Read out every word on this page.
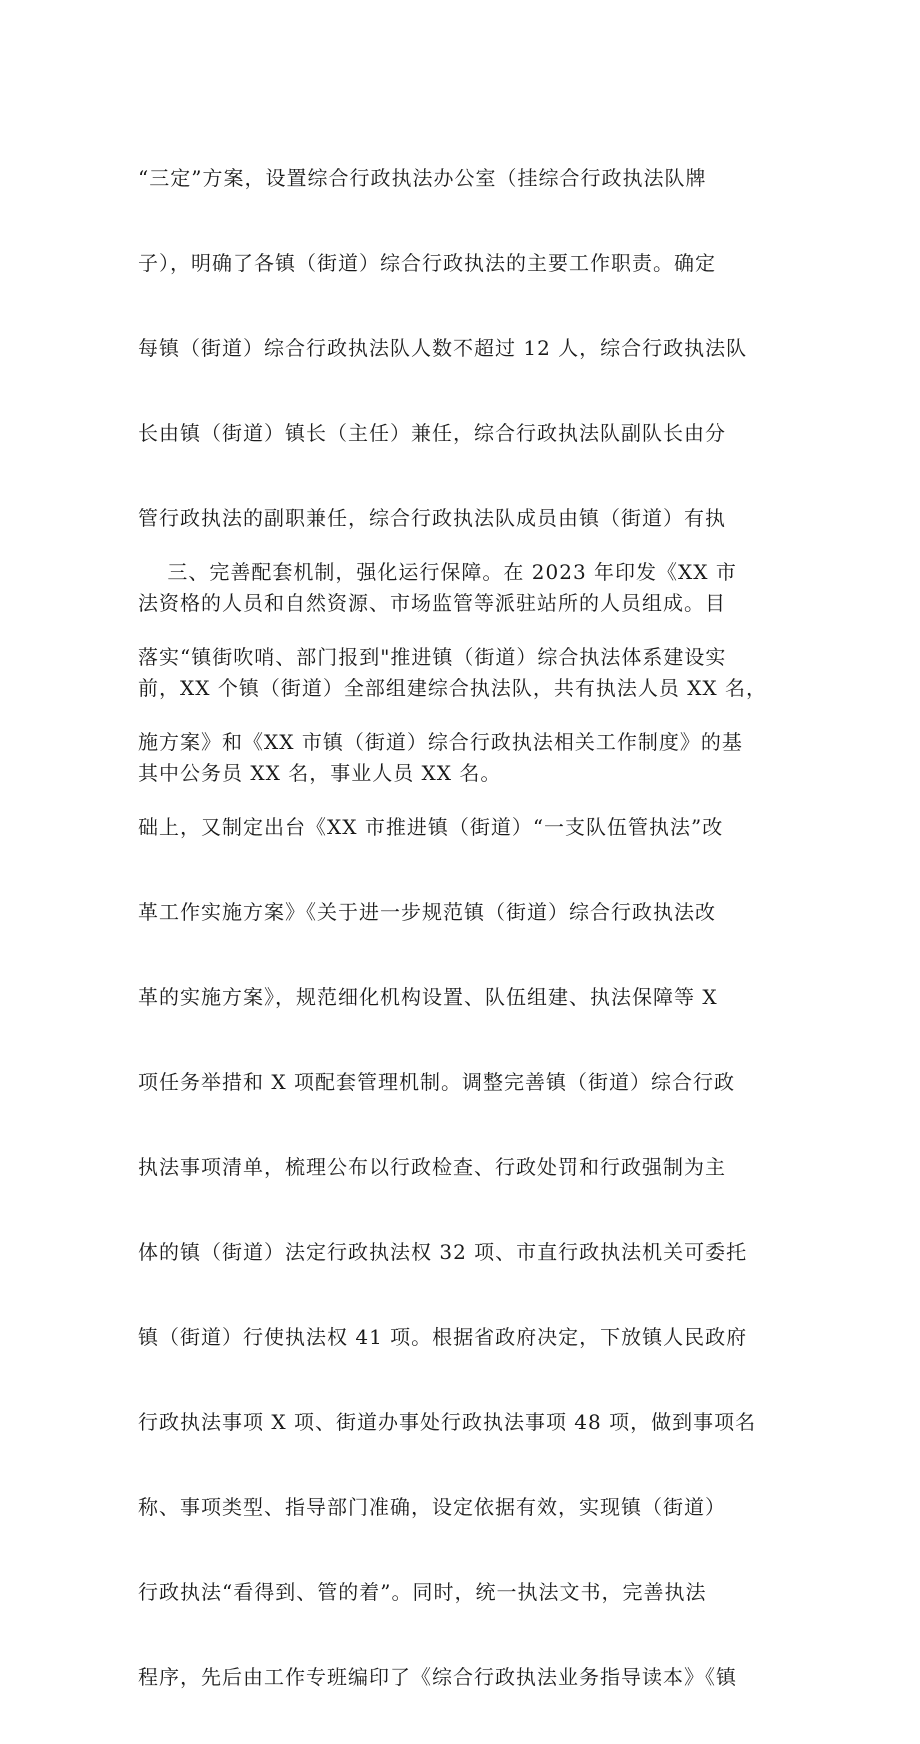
“三定”方案，设置综合行政执法办公室（挂综合行政执法队牌

子），明确了各镇（街道）综合行政执法的主要工作职责。确定

每镇（街道）综合行政执法队人数不超过 12 人，综合行政执法队

长由镇（街道）镇长（主任）兼任，综合行政执法队副队长由分

管行政执法的副职兼任，综合行政执法队成员由镇（街道）有执

法资格的人员和自然资源、市场监管等派驻站所的人员组成。目

前，XX 个镇（街道）全部组建综合执法队，共有执法人员 XX 名，

其中公务员 XX 名，事业人员 XX 名。

三、完善配套机制，强化运行保障。在 2023 年印发《XX 市

落实“镇街吹哨、部门报到"推进镇（街道）综合执法体系建设实

施方案》和《XX 市镇（街道）综合行政执法相关工作制度》的基

础上，又制定出台《XX 市推进镇（街道）“一支队伍管执法”改

革工作实施方案》《关于进一步规范镇（街道）综合行政执法改

革的实施方案》，规范细化机构设置、队伍组建、执法保障等 X

项任务举措和 X 项配套管理机制。调整完善镇（街道）综合行政

执法事项清单，梳理公布以行政检查、行政处罚和行政强制为主

体的镇（街道）法定行政执法权 32 项、市直行政执法机关可委托

镇（街道）行使执法权 41 项。根据省政府决定，下放镇人民政府

行政执法事项 X 项、街道办事处行政执法事项 48 项，做到事项名

称、事项类型、指导部门准确，设定依据有效，实现镇（街道）

行政执法“看得到、管的着”。同时，统一执法文书，完善执法

程序，先后由工作专班编印了《综合行政执法业务指导读本》《镇
